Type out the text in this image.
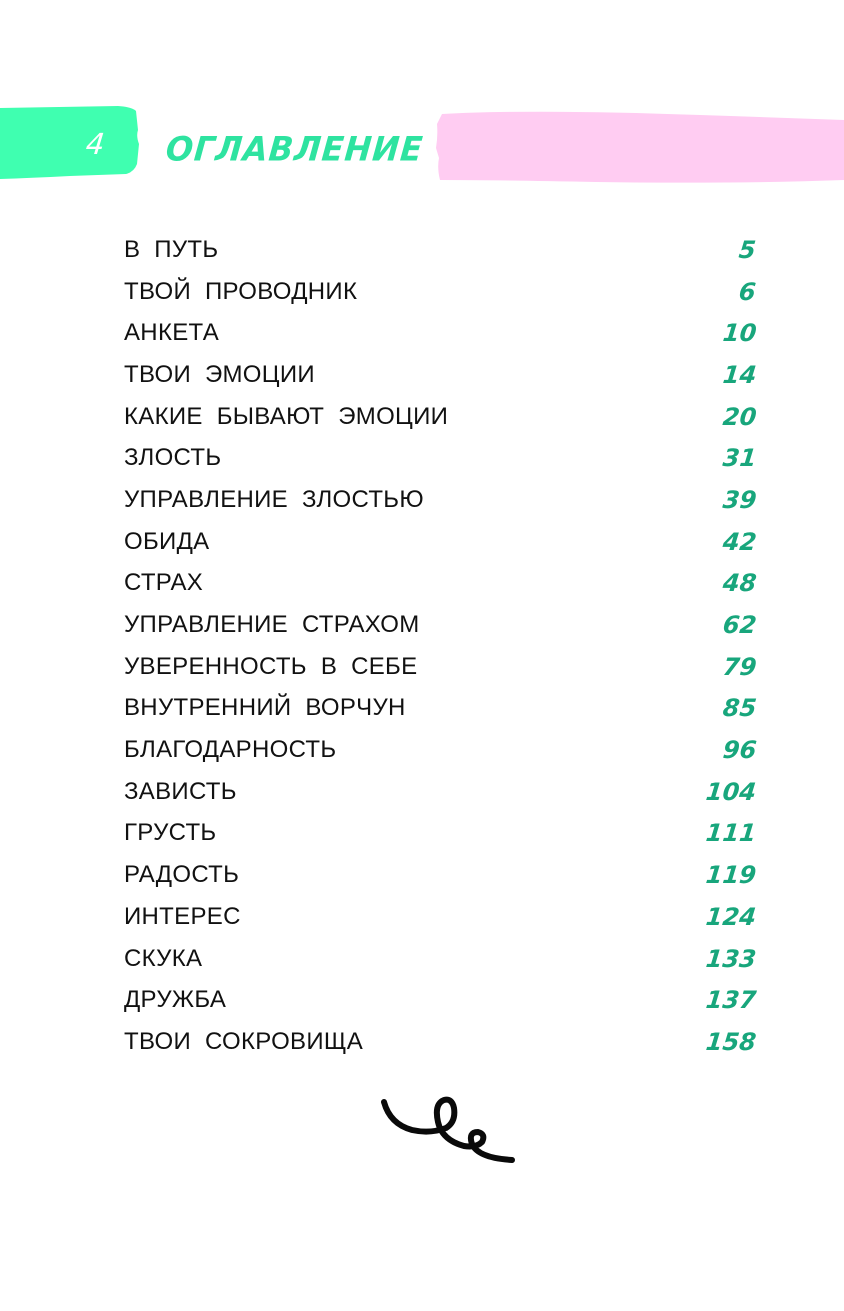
4 ОГЛАВЛЕНИЕ
В ПУТЬ	5
ТВОЙ ПРОВОДНИК	6
АНКЕТА	10
ТВОИ ЭМОЦИИ	14
КАКИЕ БЫВАЮТ ЭМОЦИИ	20
ЗЛОСТЬ	31
УПРАВЛЕНИЕ ЗЛОСТЬЮ	39
ОБИДА	42
СТРАХ	48
УПРАВЛЕНИЕ СТРАХОМ	62
УВЕРЕННОСТЬ В СЕБЕ	79
ВНУТРЕННИЙ ВОРЧУН	85
БЛАГОДАРНОСТЬ	96
ЗАВИСТЬ	104
ГРУСТЬ	111
РАДОСТЬ	119
ИНТЕРЕС	124
СКУКА	133
ДРУЖБА	137
ТВОИ СОКРОВИЩА	158
